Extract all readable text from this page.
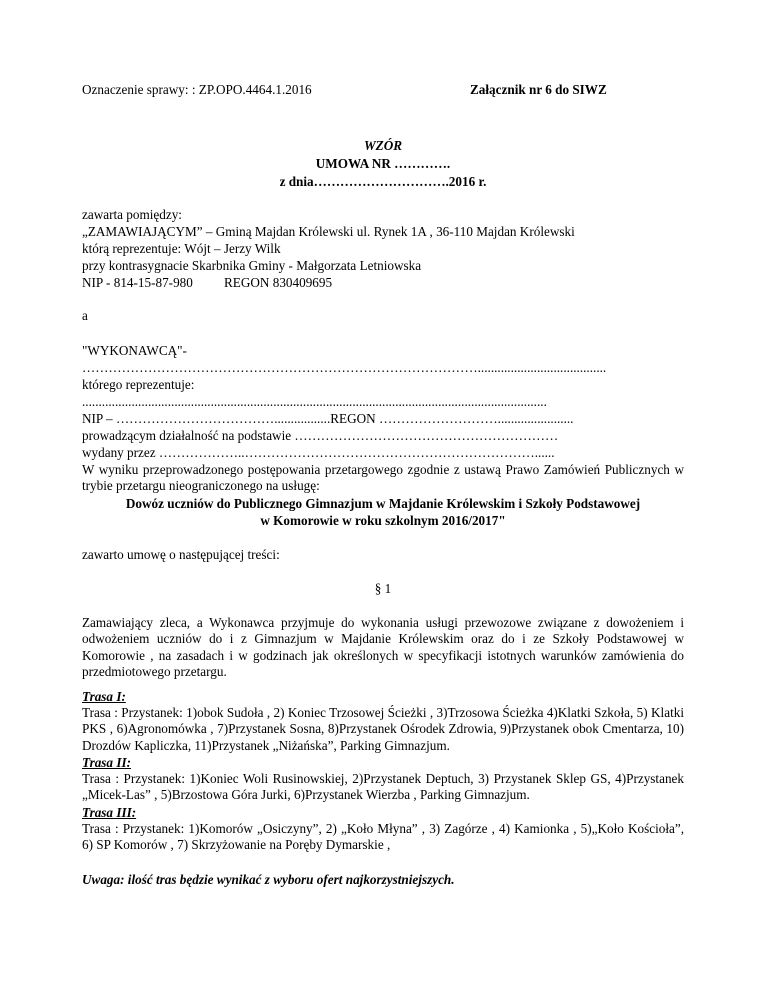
Oznaczenie sprawy: : ZP.OPO.4464.1.2016	Załącznik nr 6 do SIWZ
WZÓR
UMOWA NR ………….
z dnia………………………….2016 r.
zawarta pomiędzy:
„ZAMAWIAJĄCYM” – Gminą Majdan Królewski ul. Rynek 1A , 36-110 Majdan Królewski
którą reprezentuje: Wójt – Jerzy Wilk
przy kontrasygnacie Skarbnika Gminy - Małgorzata Letniowska
NIP - 814-15-87-980 REGON 830409695
a
"WYKONAWCĄ"-
……………………………………………………………………………….......................................
którego reprezentuje:
.............................................................................................................................................
NIP – ……………………………….................REGON ……………………….......................
prowadzącym działalność na podstawie ……………………………………………………
wydany przez ………………..…………………………………………………………......
W wyniku przeprowadzonego postępowania przetargowego zgodnie z ustawą Prawo Zamówień Publicznych w trybie przetargu nieograniczonego na usługę:
Dowóz uczniów do Publicznego Gimnazjum w Majdanie Królewskim i Szkoły Podstawowej
w Komorowie w roku szkolnym 2016/2017"
zawarto umowę o następującej treści:
§ 1
Zamawiający zleca, a Wykonawca przyjmuje do wykonania usługi przewozowe związane z dowożeniem i odwożeniem uczniów do i z Gimnazjum w Majdanie Królewskim oraz do i ze Szkoły Podstawowej w Komorowie , na zasadach i w godzinach jak określonych w specyfikacji istotnych warunków zamówienia do przedmiotowego przetargu.
Trasa I:
Trasa : Przystanek: 1)obok Sudoła , 2) Koniec Trzosowej Ścieżki , 3)Trzosowa Ścieżka 4)Klatki Szkoła, 5) Klatki PKS , 6)Agronomówka , 7)Przystanek Sosna, 8)Przystanek Ośrodek Zdrowia, 9)Przystanek obok Cmentarza, 10) Drozdów Kapliczka, 11)Przystanek „Niżańska”, Parking Gimnazjum.
Trasa II:
Trasa : Przystanek: 1)Koniec Woli Rusinowskiej, 2)Przystanek Deptuch, 3) Przystanek Sklep GS, 4)Przystanek „Micek-Las” , 5)Brzostowa Góra Jurki, 6)Przystanek Wierzba , Parking Gimnazjum.
Trasa III:
Trasa : Przystanek: 1)Komorów „Osiczyny”, 2) „Koło Młyna” , 3) Zagórze , 4) Kamionka , 5)„Koło Kościoła”, 6) SP Komorów , 7) Skrzyżowanie na Poręby Dymarskie ,
Uwaga: ilość tras będzie wynikać z wyboru ofert najkorzystniejszych.
